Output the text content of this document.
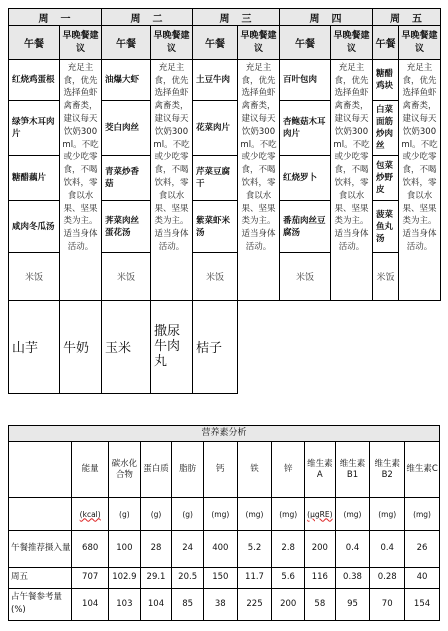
周　一		周　二		周　三		周　四		周　五	
午餐	早晚餐建议	午餐	早晚餐建议	午餐	早晚餐建议	午餐	早晚餐建议	午餐	早晚餐建议
红烧鸡蛋根	充足主食，优先选择鱼虾禽畜类，建议每天饮奶300ml。不吃或少吃零食，不喝饮料，零食以水果、坚果类为主。适当身体活动。	油爆大虾	充足主食，优先选择鱼虾禽畜类，建议每天饮奶300ml。不吃或少吃零食，不喝饮料，零食以水果、坚果类为主。适当身体活动。	土豆牛肉	充足主食，优先选择鱼虾禽畜类，建议每天饮奶300ml。不吃或少吃零食，不喝饮料，零食以水果、坚果类为主。适当身体活动。	百叶包肉	充足主食，优先选择鱼虾禽畜类，建议每天饮奶300ml。不吃或少吃零食，不喝饮料，零食以水果、坚果类为主。适当身体活动。	糖醋鸡块	充足主食，优先选择鱼虾禽畜类，建议每天饮奶300ml。不吃或少吃零食，不喝饮料，零食以水果、坚果类为主。适当身体活动。
绿笋木耳肉片		茭白肉丝		花菜肉片		杏鲍菇木耳肉片		白菜面筋炒肉丝	
糖醋藕片		青菜炒香菇		芹菜豆腐干		红烧罗卜		包菜炒野皮	
咸肉冬瓜汤		荠菜肉丝蛋花汤		紫菜虾米汤		番茄肉丝豆腐汤		菠菜鱼丸汤	
米饭		米饭		米饭		米饭		米饭	
山芋	牛奶	玉米	撒尿牛肉丸	桔子					
营养素分析											
	能量	碳水化合物	蛋白质	脂肪	钙	铁	锌	维生素A	维生素B1	维生素B2	维生素C
	(kcal)	(g)	(g)	(g)	(mg)	(mg)	(mg)	(μgRE)	(mg)	(mg)	(mg)
午餐推荐摄入量	680	100	28	24	400	5.2	2.8	200	0.4	0.4	26
周五	707	102.9	29.1	20.5	150	11.7	5.6	116	0.38	0.28	40
占午餐参考量(%)	104	103	104	85	38	225	200	58	95	70	154
